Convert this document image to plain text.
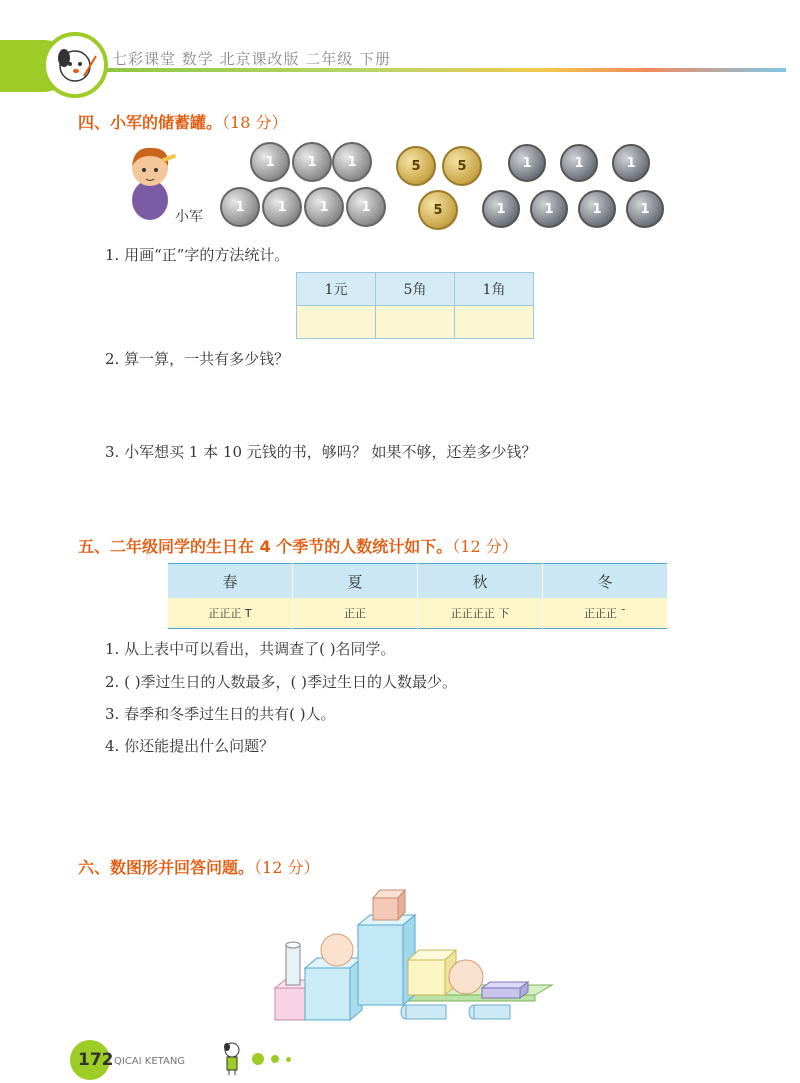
七彩课堂 数学 北京课改版 二年级 下册
四、小军的储蓄罐。（18 分）
小军
1	1	1
1	1	1	1
5	5
5
1	1	1
1	1	1	1
1. 用画“正”字的方法统计。
1元	5角	1角

2. 算一算，一共有多少钱？
3. 小军想买 1 本 10 元钱的书，够吗？ 如果不够，还差多少钱？
五、二年级同学的生日在 4 个季节的人数统计如下。（12 分）
春	夏	秋	冬
正正正 T	正正	正正正正 下	正正正 ¯
1. 从上表中可以看出，共调查了( )名同学。
2. ( )季过生日的人数最多，( )季过生日的人数最少。
3. 春季和冬季过生日的共有( )人。
4. 你还能提出什么问题？
六、数图形并回答问题。（12 分）
172 QICAI KETANG
